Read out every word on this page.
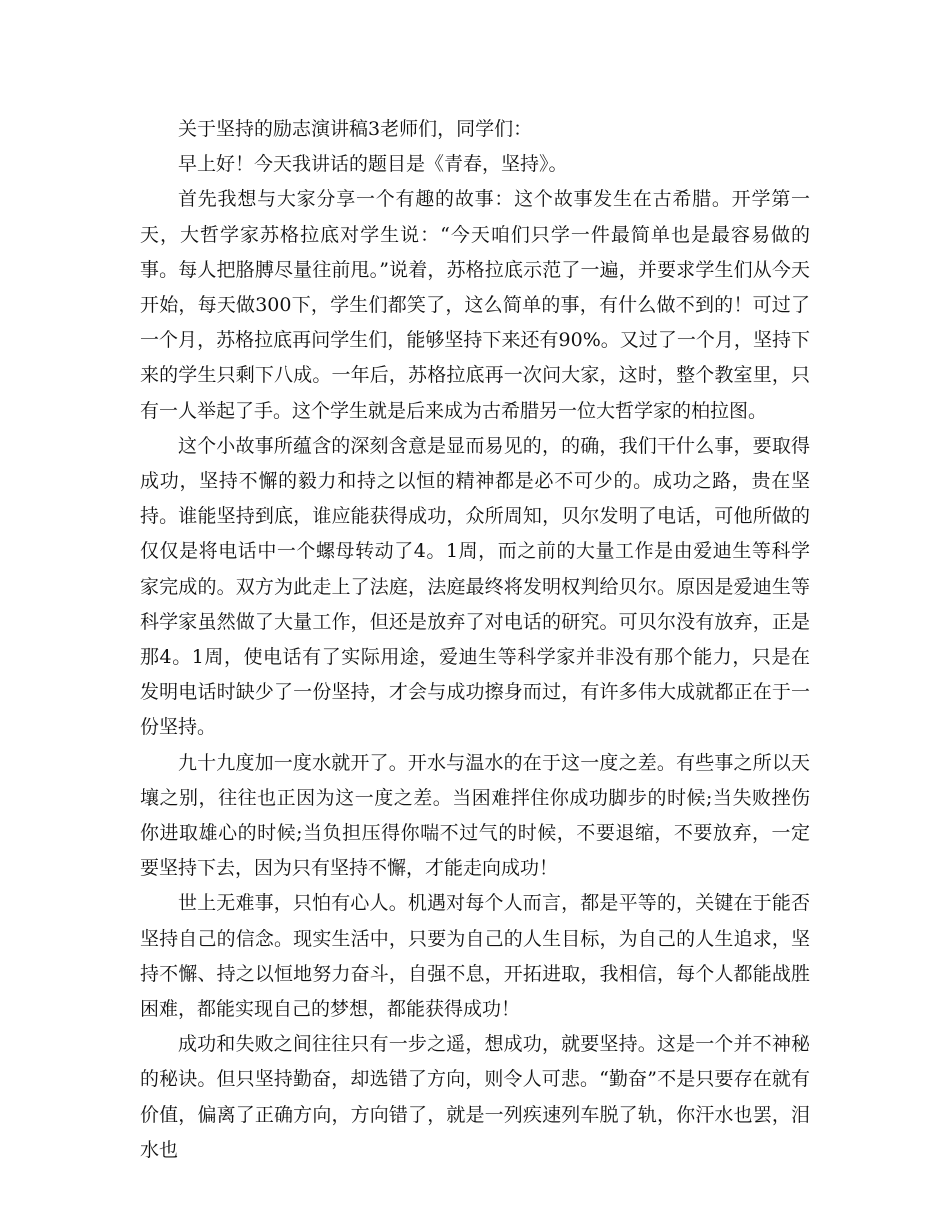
关于坚持的励志演讲稿3老师们，同学们：

早上好！今天我讲话的题目是《青春，坚持》。

首先我想与大家分享一个有趣的故事：这个故事发生在古希腊。开学第一天，大哲学家苏格拉底对学生说：“今天咱们只学一件最简单也是最容易做的事。每人把胳膊尽量往前甩。”说着，苏格拉底示范了一遍，并要求学生们从今天开始，每天做300下，学生们都笑了，这么简单的事，有什么做不到的！可过了一个月，苏格拉底再问学生们，能够坚持下来还有90%。又过了一个月，坚持下来的学生只剩下八成。一年后，苏格拉底再一次问大家，这时，整个教室里，只有一人举起了手。这个学生就是后来成为古希腊另一位大哲学家的柏拉图。

这个小故事所蕴含的深刻含意是显而易见的，的确，我们干什么事，要取得成功，坚持不懈的毅力和持之以恒的精神都是必不可少的。成功之路，贵在坚持。谁能坚持到底，谁应能获得成功，众所周知，贝尔发明了电话，可他所做的仅仅是将电话中一个螺母转动了4。1周，而之前的大量工作是由爱迪生等科学家完成的。双方为此走上了法庭，法庭最终将发明权判给贝尔。原因是爱迪生等科学家虽然做了大量工作，但还是放弃了对电话的研究。可贝尔没有放弃，正是那4。1周，使电话有了实际用途，爱迪生等科学家并非没有那个能力，只是在发明电话时缺少了一份坚持，才会与成功擦身而过，有许多伟大成就都正在于一份坚持。

九十九度加一度水就开了。开水与温水的在于这一度之差。有些事之所以天壤之别，往往也正因为这一度之差。当困难拌住你成功脚步的时候;当失败挫伤你进取雄心的时候;当负担压得你喘不过气的时候，不要退缩，不要放弃，一定要坚持下去，因为只有坚持不懈，才能走向成功！

世上无难事，只怕有心人。机遇对每个人而言，都是平等的，关键在于能否坚持自己的信念。现实生活中，只要为自己的人生目标，为自己的人生追求，坚持不懈、持之以恒地努力奋斗，自强不息，开拓进取，我相信，每个人都能战胜困难，都能实现自己的梦想，都能获得成功！

成功和失败之间往往只有一步之遥，想成功，就要坚持。这是一个并不神秘的秘诀。但只坚持勤奋，却选错了方向，则令人可悲。“勤奋”不是只要存在就有价值，偏离了正确方向，方向错了，就是一列疾速列车脱了轨，你汗水也罢，泪水也
